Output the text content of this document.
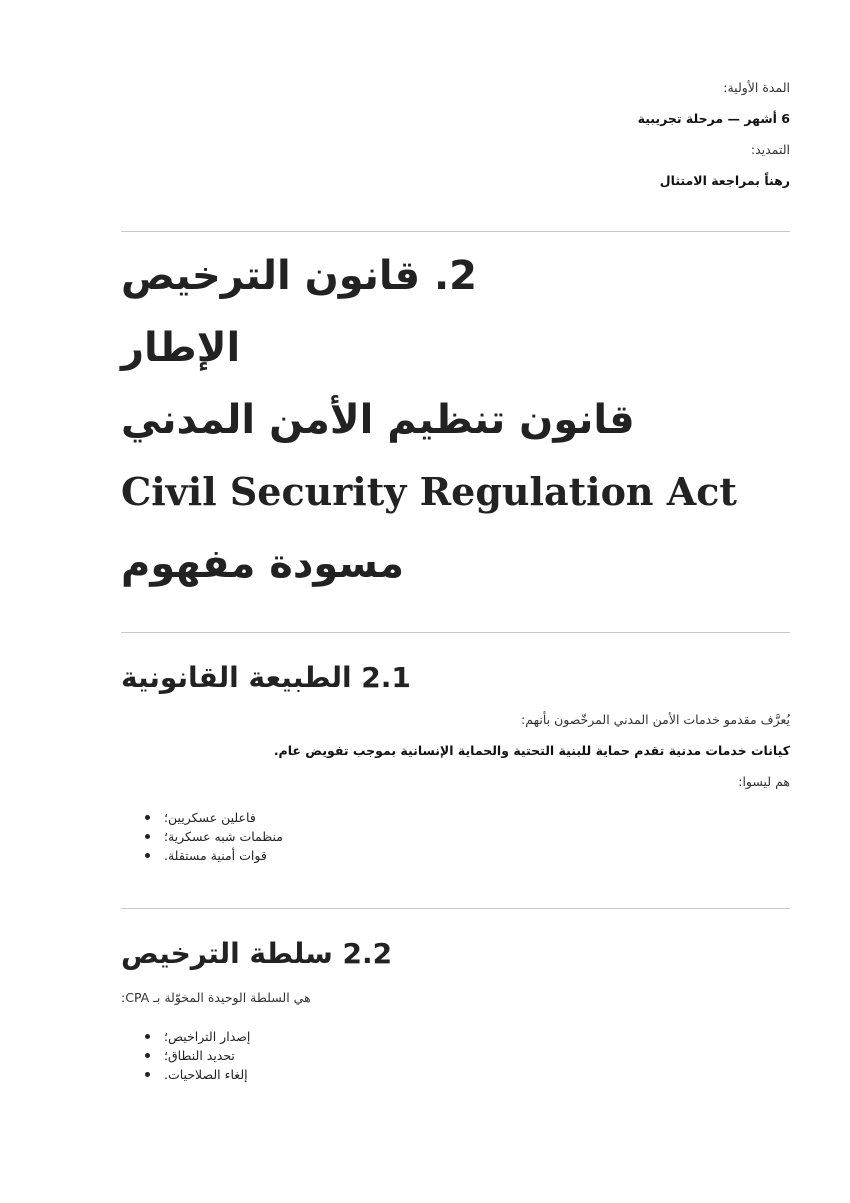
المدة الأولية:

6 أشهر — مرحلة تجريبية

التمديد:

رهناً بمراجعة الامتثال

2. قانون الترخيص
الإطار
قانون تنظيم الأمن المدني
Civil Security Regulation Act
مسودة مفهوم
2.1 الطبيعة القانونية

يُعرَّف مقدمو خدمات الأمن المدني المرخّصون بأنهم:

كيانات خدمات مدنية تقدم حماية للبنية التحتية والحماية الإنسانية بموجب تفويض عام.

هم ليسوا:

فاعلين عسكريين؛
منظمات شبه عسكرية؛
قوات أمنية مستقلة.
2.2 سلطة الترخيص

هي السلطة الوحيدة المخوّلة بـ CPA:

إصدار التراخيص؛
تحديد النطاق؛
إلغاء الصلاحيات.
